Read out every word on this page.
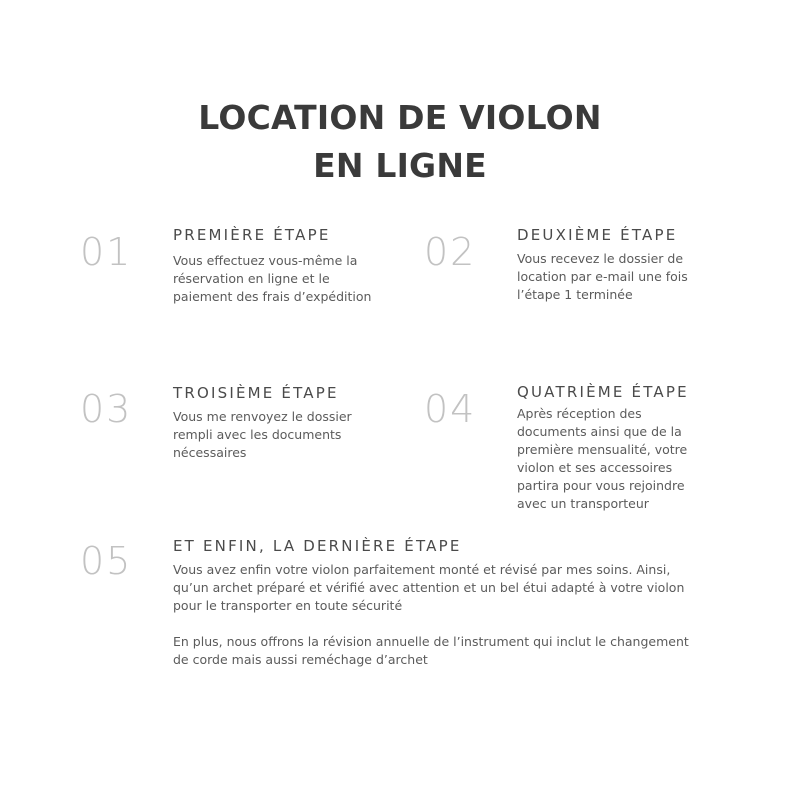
LOCATION DE VIOLON
EN LIGNE
01	PREMIÈRE ÉTAPE
Vous effectuez vous-même la réservation en ligne et le paiement des frais d’expédition
02	DEUXIÈME ÉTAPE
Vous recevez le dossier de location par e-mail une fois l’étape 1 terminée
03	TROISIÈME ÉTAPE
Vous me renvoyez le dossier rempli avec les documents nécessaires
04	QUATRIÈME ÉTAPE
Après réception des documents ainsi que de la première mensualité, votre violon et ses accessoires partira pour vous rejoindre avec un transporteur
05	ET ENFIN, LA DERNIÈRE ÉTAPE

Vous avez enfin votre violon parfaitement monté et révisé par mes soins. Ainsi, qu’un archet préparé et vérifié avec attention et un bel étui adapté à votre violon pour le transporter en toute sécurité

En plus, nous offrons la révision annuelle de l’instrument qui inclut le changement de corde mais aussi reméchage d’archet
